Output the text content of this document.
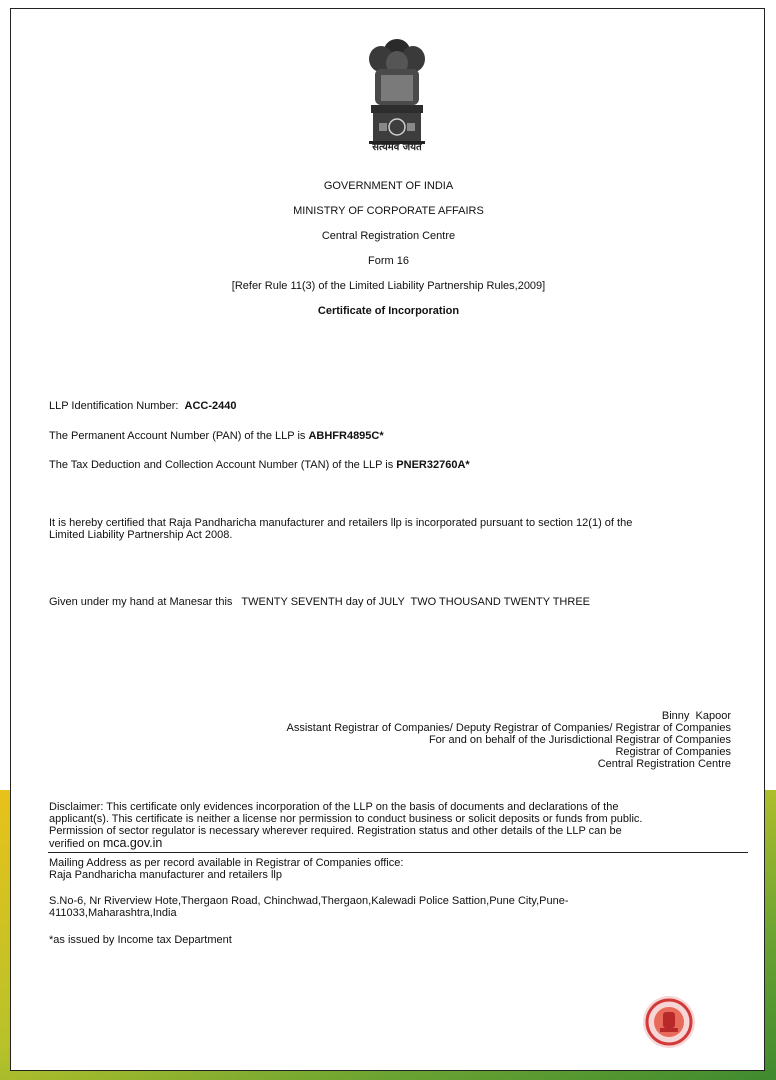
सत्यमेव जयते
GOVERNMENT OF INDIA
MINISTRY OF CORPORATE AFFAIRS
Central Registration Centre
Form 16
[Refer Rule 11(3) of the Limited Liability Partnership Rules,2009]
Certificate of Incorporation
LLP Identification Number: ACC-2440
The Permanent Account Number (PAN) of the LLP is ABHFR4895C*
The Tax Deduction and Collection Account Number (TAN) of the LLP is PNER32760A*
It is hereby certified that Raja Pandharicha manufacturer and retailers llp is incorporated pursuant to section 12(1) of the
Limited Liability Partnership Act 2008.
Given under my hand at Manesar this   TWENTY SEVENTH day of JULY  TWO THOUSAND TWENTY THREE
Binny  Kapoor
Assistant Registrar of Companies/ Deputy Registrar of Companies/ Registrar of Companies
For and on behalf of the Jurisdictional Registrar of Companies
Registrar of Companies
Central Registration Centre
Disclaimer: This certificate only evidences incorporation of the LLP on the basis of documents and declarations of the
applicant(s). This certificate is neither a license nor permission to conduct business or solicit deposits or funds from public.
Permission of sector regulator is necessary wherever required. Registration status and other details of the LLP can be
verified on mca.gov.in
Mailing Address as per record available in Registrar of Companies office:
Raja Pandharicha manufacturer and retailers llp
S.No-6, Nr Riverview Hote,Thergaon Road, Chinchwad,Thergaon,Kalewadi Police Sattion,Pune City,Pune-
411033,Maharashtra,India
*as issued by Income tax Department
